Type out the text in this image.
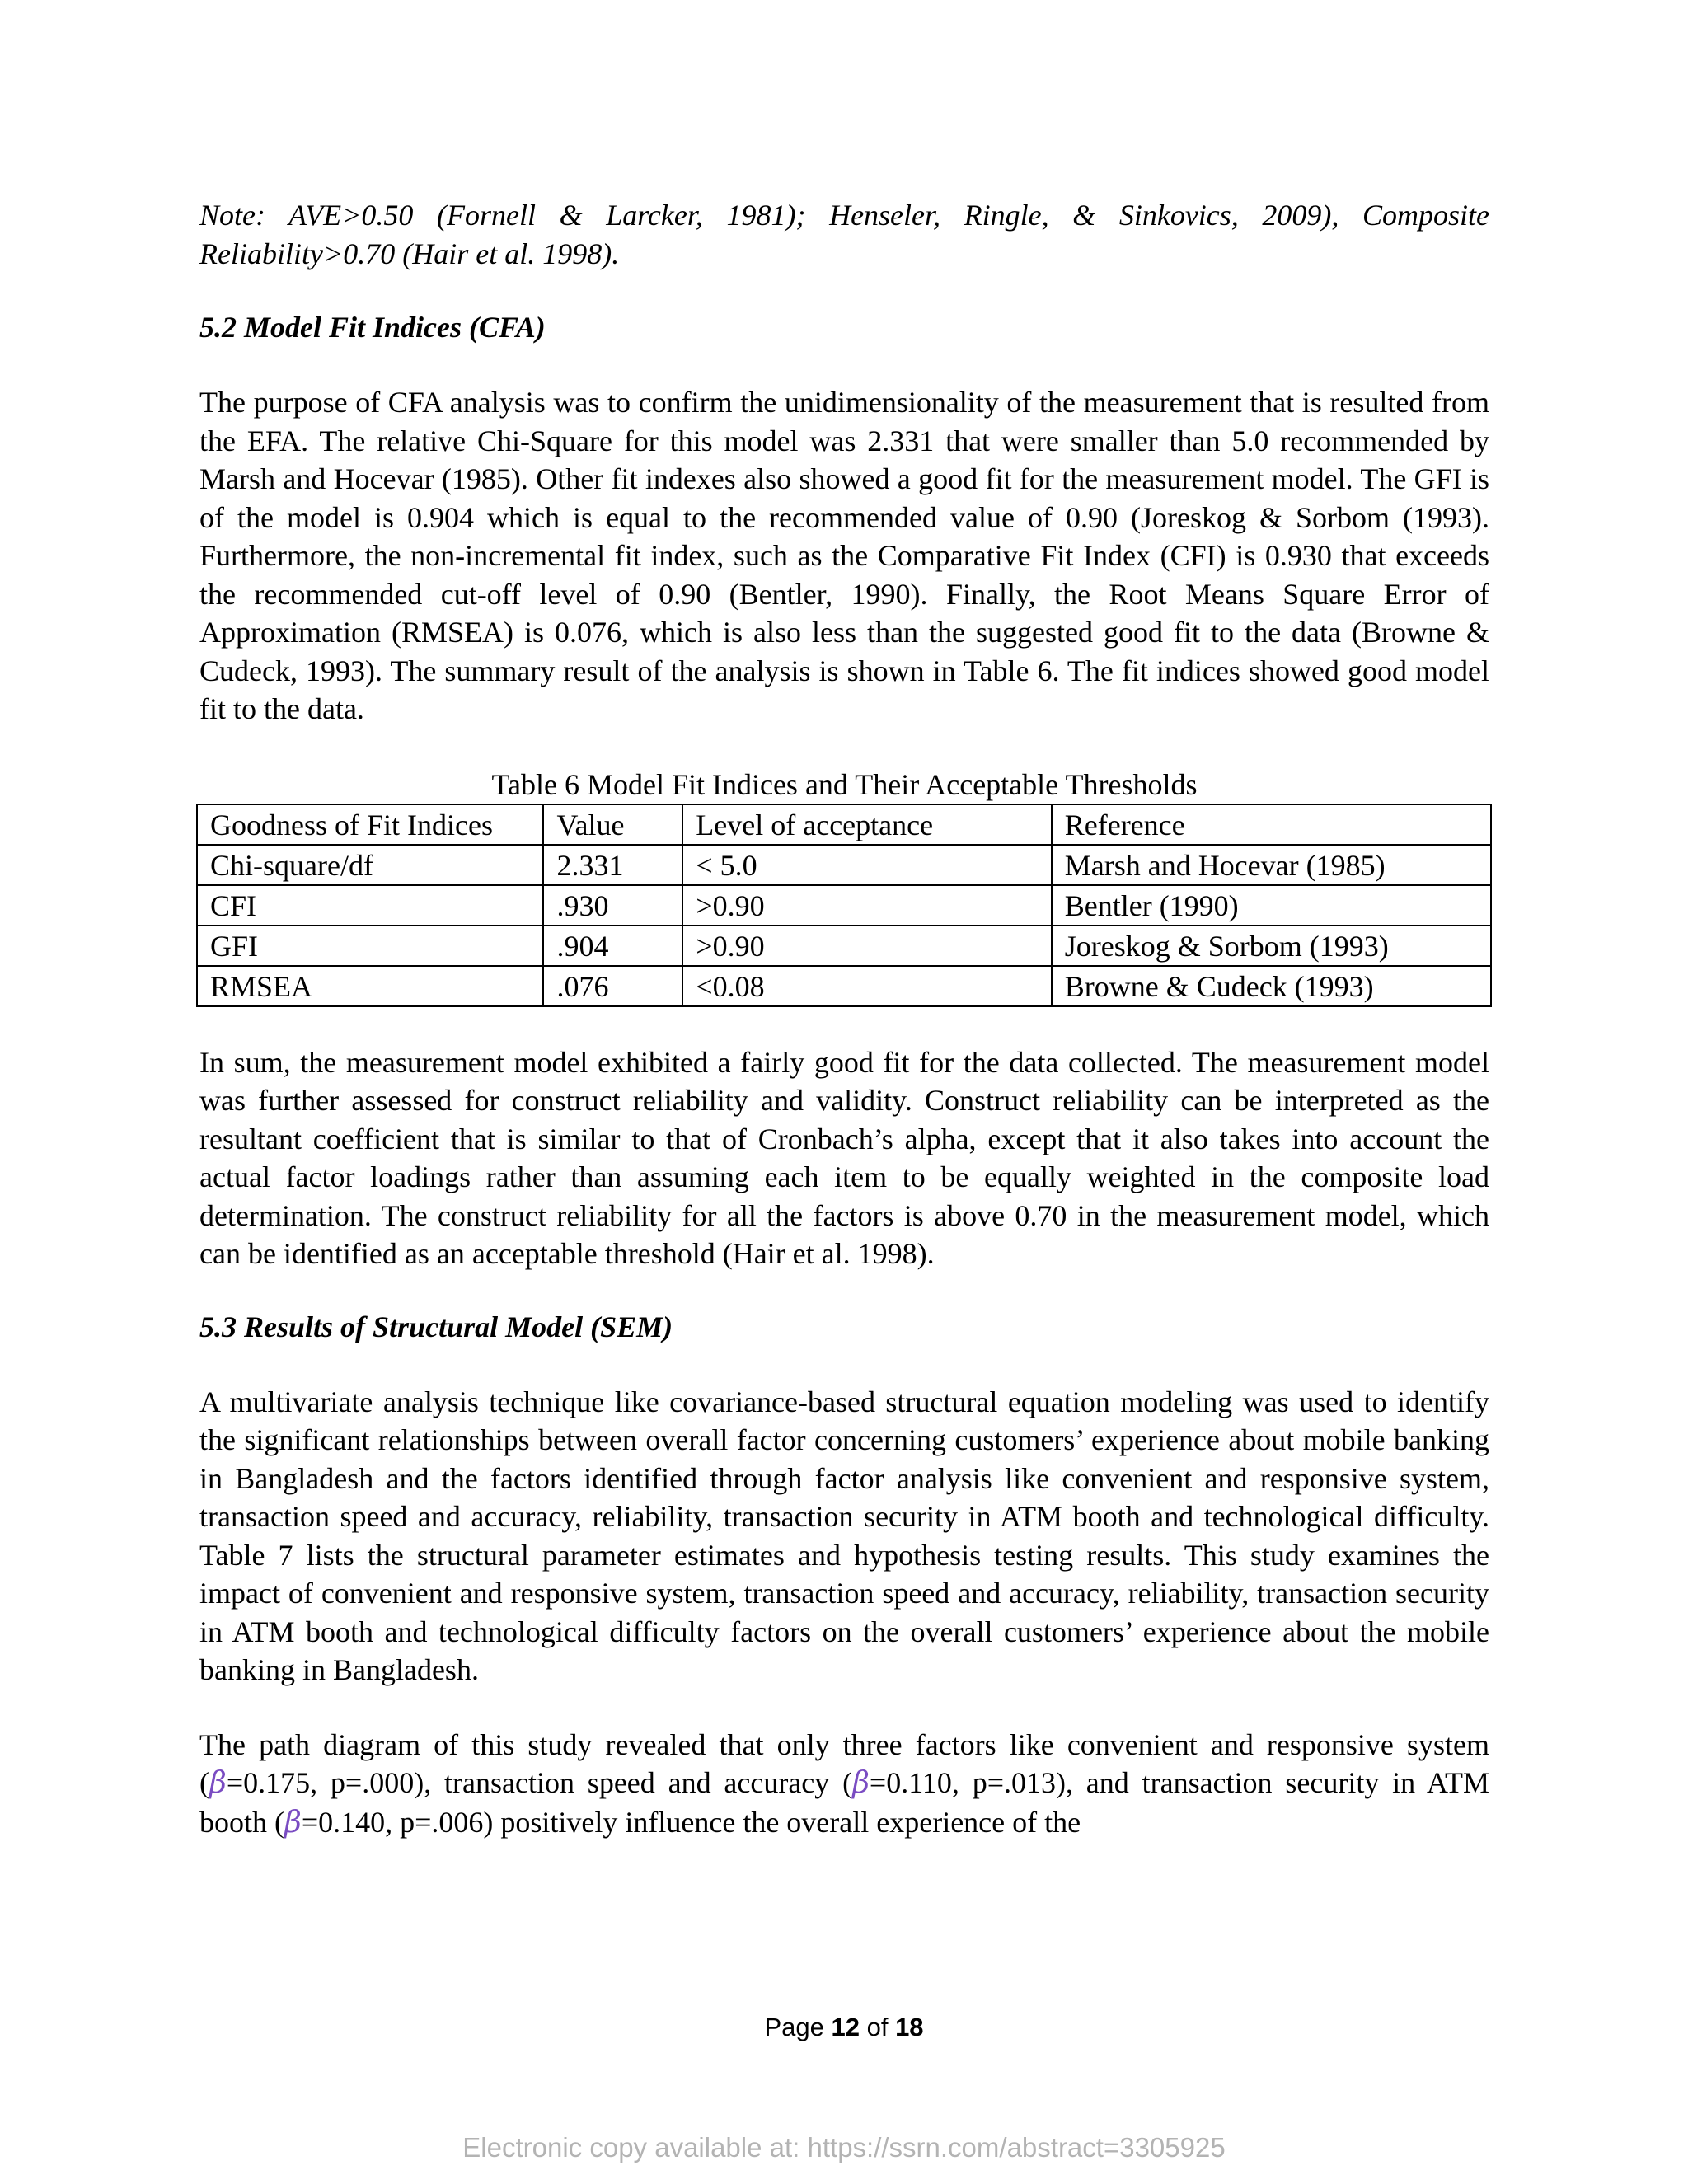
Note: AVE>0.50 (Fornell & Larcker, 1981); Henseler, Ringle, & Sinkovics, 2009), Composite Reliability>0.70 (Hair et al. 1998).

5.2 Model Fit Indices (CFA)

The purpose of CFA analysis was to confirm the unidimensionality of the measurement that is resulted from the EFA. The relative Chi-Square for this model was 2.331 that were smaller than 5.0 recommended by Marsh and Hocevar (1985). Other fit indexes also showed a good fit for the measurement model. The GFI is of the model is 0.904 which is equal to the recommended value of 0.90 (Joreskog & Sorbom (1993). Furthermore, the non-incremental fit index, such as the Comparative Fit Index (CFI) is 0.930 that exceeds the recommended cut-off level of 0.90 (Bentler, 1990). Finally, the Root Means Square Error of Approximation (RMSEA) is 0.076, which is also less than the suggested good fit to the data (Browne & Cudeck, 1993). The summary result of the analysis is shown in Table 6. The fit indices showed good model fit to the data.

Table 6 Model Fit Indices and Their Acceptable Thresholds
Goodness of Fit Indices	Value	Level of acceptance	Reference
Chi-square/df	2.331	< 5.0	Marsh and Hocevar (1985)
CFI	.930	>0.90	Bentler (1990)
GFI	.904	>0.90	Joreskog & Sorbom (1993)
RMSEA	.076	<0.08	Browne & Cudeck (1993)

In sum, the measurement model exhibited a fairly good fit for the data collected. The measurement model was further assessed for construct reliability and validity. Construct reliability can be interpreted as the resultant coefficient that is similar to that of Cronbach’s alpha, except that it also takes into account the actual factor loadings rather than assuming each item to be equally weighted in the composite load determination. The construct reliability for all the factors is above 0.70 in the measurement model, which can be identified as an acceptable threshold (Hair et al. 1998).

5.3 Results of Structural Model (SEM)

A multivariate analysis technique like covariance-based structural equation modeling was used to identify the significant relationships between overall factor concerning customers’ experience about mobile banking in Bangladesh and the factors identified through factor analysis like convenient and responsive system, transaction speed and accuracy, reliability, transaction security in ATM booth and technological difficulty. Table 7 lists the structural parameter estimates and hypothesis testing results. This study examines the impact of convenient and responsive system, transaction speed and accuracy, reliability, transaction security in ATM booth and technological difficulty factors on the overall customers’ experience about the mobile banking in Bangladesh.

The path diagram of this study revealed that only three factors like convenient and responsive system (β=0.175, p=.000), transaction speed and accuracy (β=0.110, p=.013), and transaction security in ATM booth (β=0.140, p=.006) positively influence the overall experience of the

Page 12 of 18
Electronic copy available at: https://ssrn.com/abstract=3305925
